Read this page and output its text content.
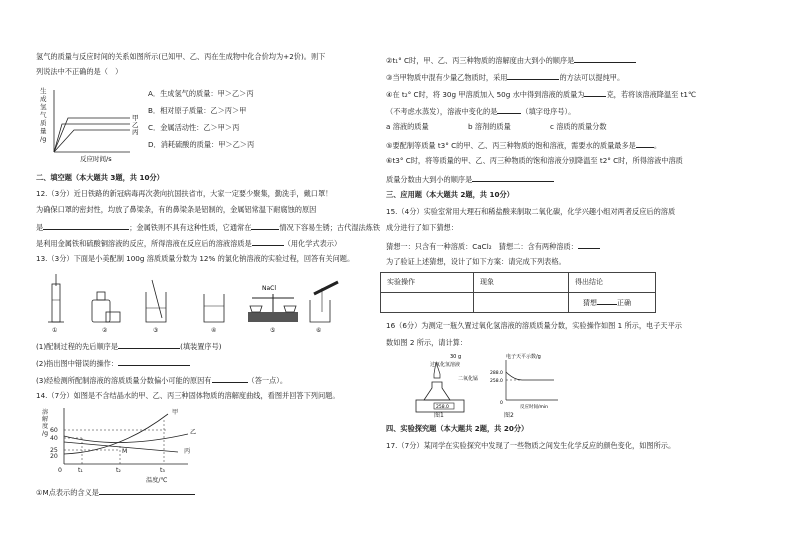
氢气的质量与反应时间的关系如图所示(已知甲、乙、丙在生成物中化合价均为+2价)。则下
列说法中不正确的是（　）
生
成
氢
气
质
量
/g
甲
乙
丙
反应时间/s
A．生成氢气的质量：甲＞乙＞丙
B．相对原子质量：乙＞丙＞甲
C．金属活动性：乙＞甲＞丙
D．消耗硫酸的质量：甲＞乙＞丙
二、填空题（本大题共 3题，共 10分）
12.（3分）近日铁路的新冠病毒再次袭向抗国扶省市，大家一定要少聚集，勤洗手，戴口罩！
为确保口罩的密封性，均放了鼻梁条，有的鼻梁条是铝制的，金属铝常温下耐腐蚀的原因
是	；金属铁则不具有这种性质，它通常在	情况下容易生锈；古代湿法炼铁
是利用金属铁和硫酸铜溶液的反应，所得溶液在反应后的溶液溶质是	（用化学式表示）
13.（3分）下面是小美配制 100g 溶质质量分数为 12% 的氯化钠溶液的实验过程，回答有关问题。
NaCl
①	②	③	④	⑤	⑥
(1)配制过程的先后顺序是	(填装置序号)
(2)指出图中错误的操作：
(3)经检测所配制溶液的溶质质量分数偏小可能的原因有	（答一点）。
14.（7分）如图是不含结晶水的甲、乙、丙三种固体物质的溶解度曲线，看图并回答下列问题。
溶
解
度
/g 60
40
25
20
0	t₁	t₂	t₃
温度/℃
甲
乙
丙
M
①M点表示的含义是
②t₁° C时，甲、乙、丙三种物质的溶解度由大到小的顺序是
③当甲物质中混有少量乙物质时，采用	的方法可以提纯甲。
④在 t₂° C时，将 30g 甲溶质加入 50g 水中得到溶液的质量为	克，若将该溶液降温至 t1℃
（不考虑水蒸发），溶液中变化的是	（填字母序号）。
a 溶液的质量	b 溶剂的质量	c 溶质的质量分数
⑤要配制等质量 t3° C的甲、乙、丙三种物质的饱和溶液，需要水的质量最多是	。
⑥t3° C时，将等质量的甲、乙、丙三种物质的饱和溶液分别降温至 t2° C时，所得溶液中溶质
质量分数由大到小的顺序是
三、应用题（本大题共 2题，共 10分）
15.（4分）实验室常用大理石和稀盐酸来制取二氧化碳，化学兴趣小组对两者反应后的溶质
成分进行了如下猜想：
猜想一：只含有一种溶质：CaCl₂　猜想二：含有两种溶质：
为了验证上述猜想，设计了如下方案：请完成下列表格。
实验操作	现象	得出结论
		猜想 正确
16（6分）为测定一瓶久置过氧化氢溶液的溶质质量分数，实验操作如图 1 所示，电子天平示
数如图 2 所示，请计算：
30 g
过氧化氢溶液
二氧化锰
258.0
图1
电子天平示数/g
288.0
258.0
0
反应时间/min
图2
四、实验探究题（本大题共 2题，共 20分）
17.（7分）某同学在实验探究中发现了一些物质之间发生化学反应的颜色变化，如图所示。
